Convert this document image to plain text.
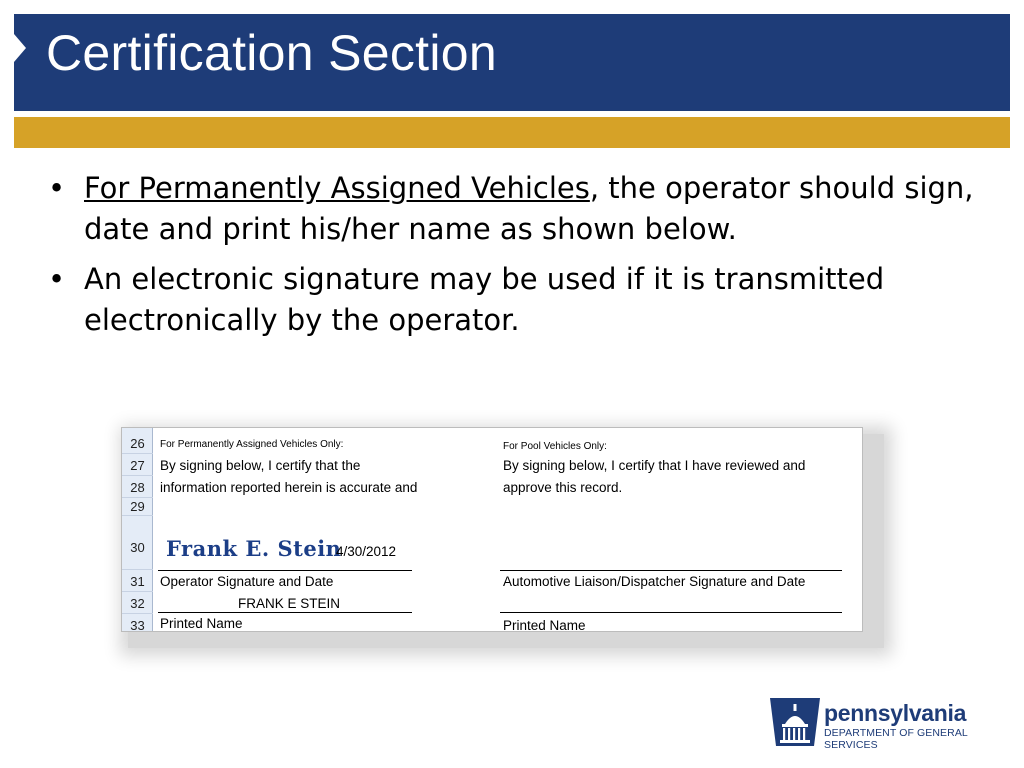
Certification Section
• For Permanently Assigned Vehicles, the operator should sign, date and print his/her name as shown below.
• An electronic signature may be used if it is transmitted electronically by the operator.
26
27
28
29
30
31
32
33
For Permanently Assigned Vehicles Only:
By signing below, I certify that the
information reported herein is accurate and
Frank E. Stein
4/30/2012
Operator Signature and Date
FRANK E STEIN
Printed Name
For Pool Vehicles Only:
By signing below, I certify that I have reviewed and
approve this record.
Automotive Liaison/Dispatcher Signature and Date
Printed Name
pennsylvania
DEPARTMENT OF GENERAL SERVICES
